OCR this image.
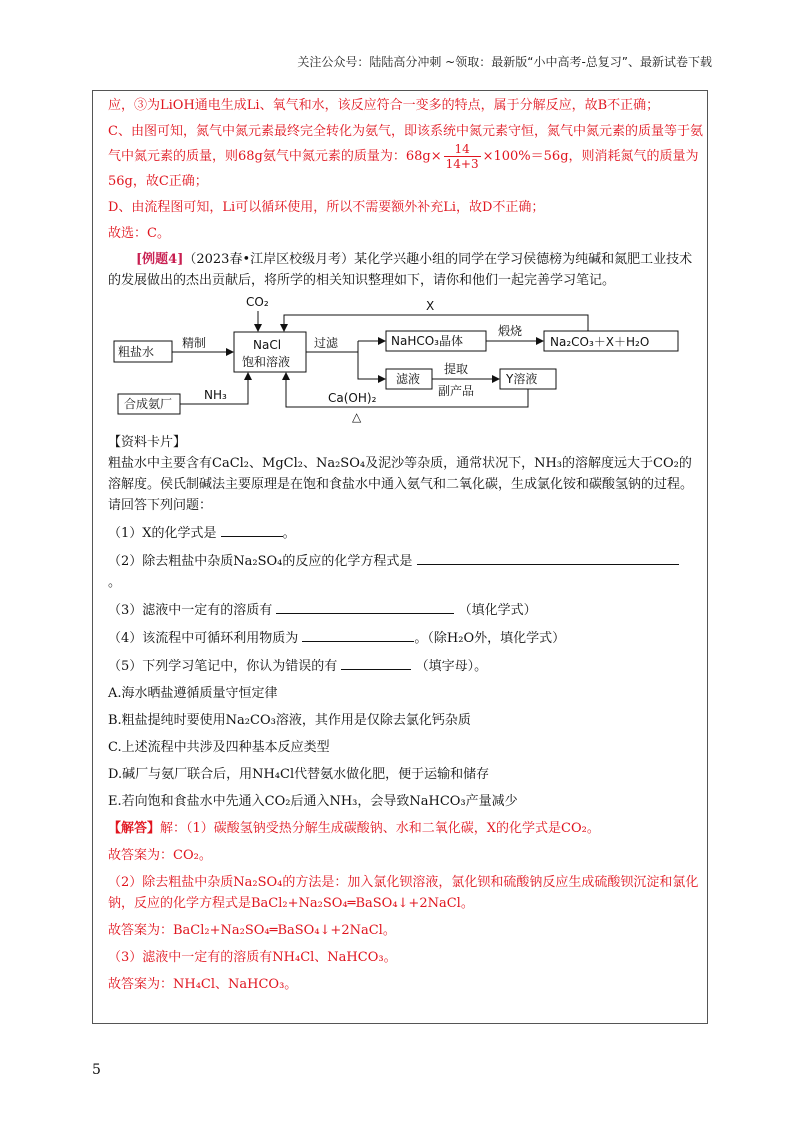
关注公众号：陆陆高分冲刺 ~领取：最新版“小中高考-总复习”、最新试卷下载

应，③为LiOH通电生成Li、氧气和水，该反应符合一变多的特点，属于分解反应，故B不正确；

C、由图可知，氮气中氮元素最终完全转化为氨气，即该系统中氮元素守恒，氮气中氮元素的质量等于氨气中氮元素的质量，则68g氨气中氮元素的质量为：$68g\times \frac{14}{14+3} \times 100\%=56g$，则消耗氮气的质量为56g，故C正确；

D、由流程图可知，Li可以循环使用，所以不需要额外补充Li，故D不正确；

故选：C。

[例题4]（2023春•江岸区校级月考）某化学兴趣小组的同学在学习侯德榜为纯碱和氮肥工业技术的发展做出的杰出贡献后，将所学的相关知识整理如下，请你和他们一起完善学习笔记。

粗盐水
精制
CO₂
NaCl
饱和溶液
过滤
X
NaHCO₃晶体
煅烧
Na₂CO₃＋X＋H₂O
滤液
提取
副产品
Y溶液
合成氨厂
NH₃	Ca(OH)₂
△

【资料卡片】

粗盐水中主要含有CaCl₂、MgCl₂、Na₂SO₄及泥沙等杂质，通常状况下，NH₃的溶解度远大于CO₂的溶解度。侯氏制碱法主要原理是在饱和食盐水中通入氨气和二氧化碳，生成氯化铵和碳酸氢钠的过程。请回答下列问题：

（1）X的化学式是	。

（2）除去粗盐中杂质Na₂SO₄的反应的化学方程式是
。

（3）滤液中一定有的溶质有	（填化学式）

（4）该流程中可循环利用物质为	。（除H₂O外，填化学式）

（5）下列学习笔记中，你认为错误的有	（填字母）。

A.海水晒盐遵循质量守恒定律

B.粗盐提纯时要使用Na₂CO₃溶液，其作用是仅除去氯化钙杂质

C.上述流程中共涉及四种基本反应类型

D.碱厂与氨厂联合后，用NH₄Cl代替氨水做化肥，便于运输和储存

E.若向饱和食盐水中先通入CO₂后通入NH₃，会导致NaHCO₃产量减少

【解答】解：（1）碳酸氢钠受热分解生成碳酸钠、水和二氧化碳，X的化学式是CO₂。

故答案为：CO₂。

（2）除去粗盐中杂质Na₂SO₄的方法是：加入氯化钡溶液，氯化钡和硫酸钠反应生成硫酸钡沉淀和氯化钠，反应的化学方程式是BaCl₂+Na₂SO₄═BaSO₄↓+2NaCl。

故答案为：BaCl₂+Na₂SO₄═BaSO₄↓+2NaCl。

（3）滤液中一定有的溶质有NH₄Cl、NaHCO₃。

故答案为：NH₄Cl、NaHCO₃。

5
